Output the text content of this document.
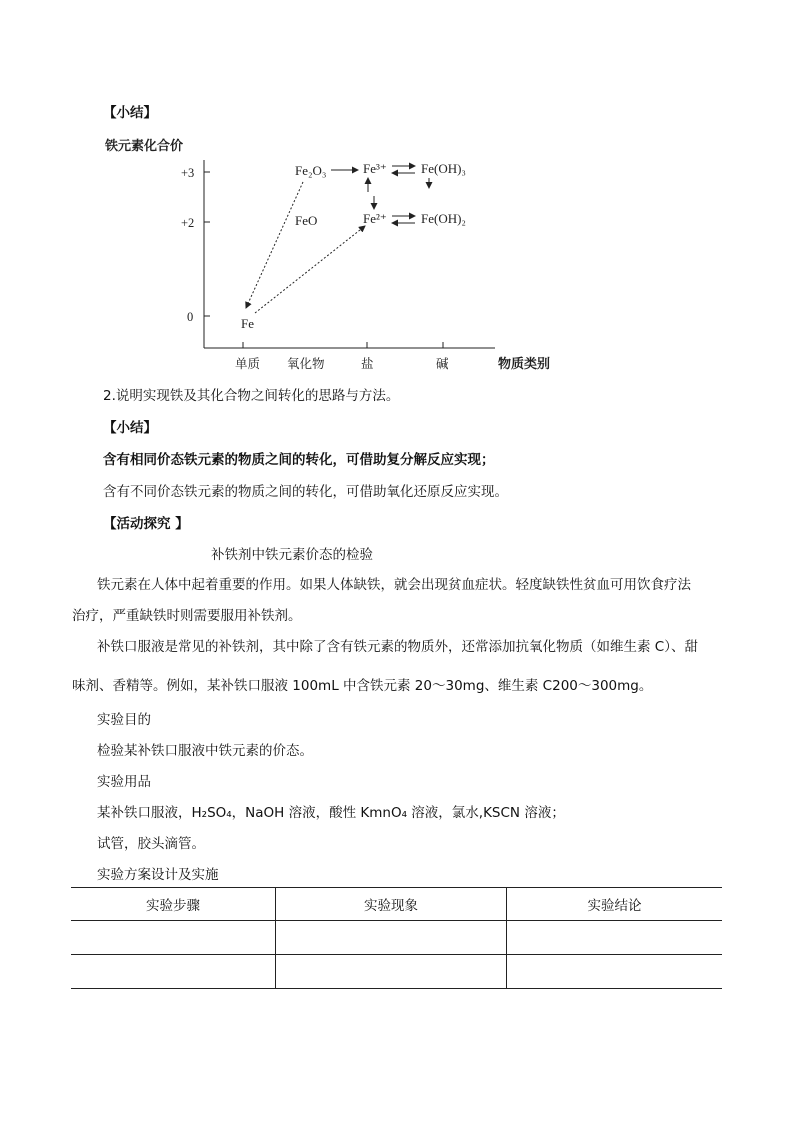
【小结】
铁元素化合价
+3
+2
0
单质 氧化物	盐	碱	物质类别
Fe₂O₃	Fe³⁺	Fe(OH)₃
FeO	Fe²⁺	Fe(OH)₂
Fe
2.说明实现铁及其化合物之间转化的思路与方法。
【小结】
含有相同价态铁元素的物质之间的转化，可借助复分解反应实现；
含有不同价态铁元素的物质之间的转化，可借助氧化还原反应实现。
【活动探究 】
补铁剂中铁元素价态的检验
铁元素在人体中起着重要的作用。如果人体缺铁，就会出现贫血症状。轻度缺铁性贫血可用饮食疗法
治疗，严重缺铁时则需要服用补铁剂。
补铁口服液是常见的补铁剂，其中除了含有铁元素的物质外，还常添加抗氧化物质（如维生素 C）、甜
味剂、香精等。例如，某补铁口服液 100mL 中含铁元素 20～30mg、维生素 C200～300mg。
实验目的
检验某补铁口服液中铁元素的价态。
实验用品
某补铁口服液，H₂SO₄，NaOH 溶液，酸性 KmnO₄ 溶液，氯水,KSCN 溶液；
试管，胶头滴管。
实验方案设计及实施
实验步骤	实验现象	实验结论
